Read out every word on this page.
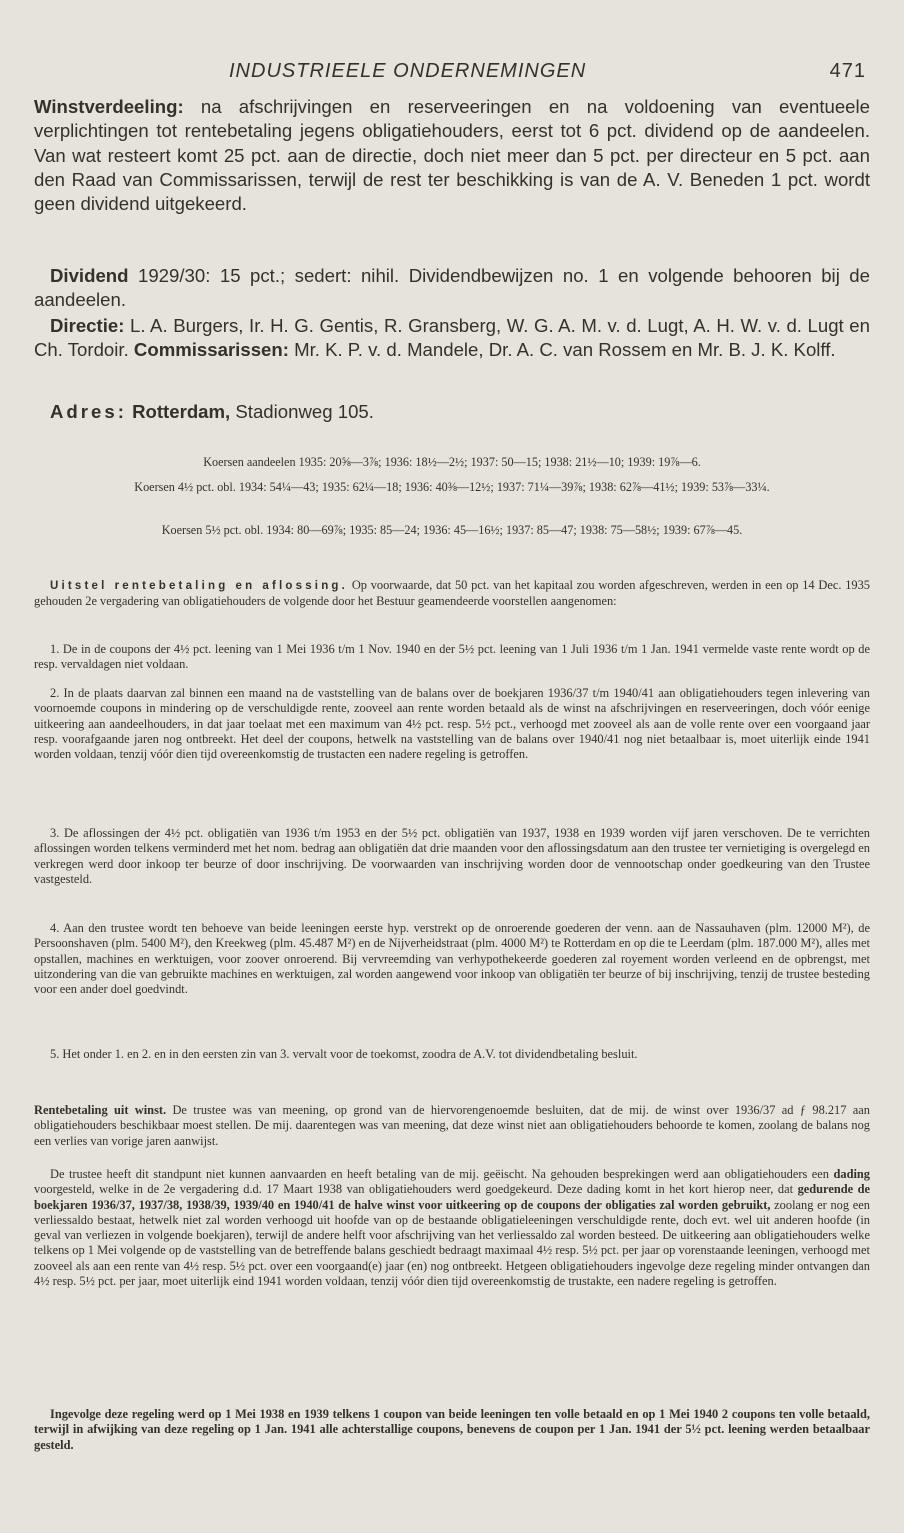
INDUSTRIEELE ONDERNEMINGEN	471

Winstverdeeling: na afschrijvingen en reserveeringen en na voldoening van eventueele verplichtingen tot rentebetaling jegens obligatiehouders, eerst tot 6 pct. dividend op de aandeelen. Van wat resteert komt 25 pct. aan de directie, doch niet meer dan 5 pct. per directeur en 5 pct. aan den Raad van Commissarissen, terwijl de rest ter beschikking is van de A. V. Beneden 1 pct. wordt geen dividend uitgekeerd.

Dividend 1929/30: 15 pct.; sedert: nihil. Dividendbewijzen no. 1 en volgende behooren bij de aandeelen.

Directie: L. A. Burgers, Ir. H. G. Gentis, R. Gransberg, W. G. A. M. v. d. Lugt, A. H. W. v. d. Lugt en Ch. Tordoir. Commissarissen: Mr. K. P. v. d. Mandele, Dr. A. C. van Rossem en Mr. B. J. K. Kolff.

Adres: Rotterdam, Stadionweg 105.

Koersen aandeelen 1935: 20⅝—3⅞; 1936: 18½—2½; 1937: 50—15; 1938: 21½—10; 1939: 19⅞—6.

Koersen 4½ pct. obl. 1934: 54¼—43; 1935: 62¼—18; 1936: 40⅜—12½; 1937: 71¼—39⅞; 1938: 62⅞—41½; 1939: 53⅞—33¼.

Koersen 5½ pct. obl. 1934: 80—69⅞; 1935: 85—24; 1936: 45—16½; 1937: 85—47; 1938: 75—58½; 1939: 67⅞—45.

Uitstel rentebetaling en aflossing. Op voorwaarde, dat 50 pct. van het kapitaal zou worden afgeschreven, werden in een op 14 Dec. 1935 gehouden 2e vergadering van obligatiehouders de volgende door het Bestuur geamendeerde voorstellen aangenomen:

1. De in de coupons der 4½ pct. leening van 1 Mei 1936 t/m 1 Nov. 1940 en der 5½ pct. leening van 1 Juli 1936 t/m 1 Jan. 1941 vermelde vaste rente wordt op de resp. vervaldagen niet voldaan.

2. In de plaats daarvan zal binnen een maand na de vaststelling van de balans over de boekjaren 1936/37 t/m 1940/41 aan obligatiehouders tegen inlevering van voornoemde coupons in mindering op de verschuldigde rente, zooveel aan rente worden betaald als de winst na afschrijvingen en reserveeringen, doch vóór eenige uitkeering aan aandeelhouders, in dat jaar toelaat met een maximum van 4½ pct. resp. 5½ pct., verhoogd met zooveel als aan de volle rente over een voorgaand jaar resp. voorafgaande jaren nog ontbreekt. Het deel der coupons, hetwelk na vaststelling van de balans over 1940/41 nog niet betaalbaar is, moet uiterlijk einde 1941 worden voldaan, tenzij vóór dien tijd overeenkomstig de trustacten een nadere regeling is getroffen.

3. De aflossingen der 4½ pct. obligatiën van 1936 t/m 1953 en der 5½ pct. obligatiën van 1937, 1938 en 1939 worden vijf jaren verschoven. De te verrichten aflossingen worden telkens verminderd met het nom. bedrag aan obligatiën dat drie maanden voor den aflossingsdatum aan den trustee ter vernietiging is overgelegd en verkregen werd door inkoop ter beurze of door inschrijving. De voorwaarden van inschrijving worden door de vennootschap onder goedkeuring van den Trustee vastgesteld.

4. Aan den trustee wordt ten behoeve van beide leeningen eerste hyp. verstrekt op de onroerende goederen der venn. aan de Nassauhaven (plm. 12000 M²), de Persoonshaven (plm. 5400 M²), den Kreekweg (plm. 45.487 M²) en de Nijverheidstraat (plm. 4000 M²) te Rotterdam en op die te Leerdam (plm. 187.000 M²), alles met opstallen, machines en werktuigen, voor zoover onroerend. Bij vervreemding van verhypothekeerde goederen zal royement worden verleend en de opbrengst, met uitzondering van die van gebruikte machines en werktuigen, zal worden aangewend voor inkoop van obligatiën ter beurze of bij inschrijving, tenzij de trustee besteding voor een ander doel goedvindt.

5. Het onder 1. en 2. en in den eersten zin van 3. vervalt voor de toekomst, zoodra de A.V. tot dividendbetaling besluit.

Rentebetaling uit winst. De trustee was van meening, op grond van de hiervorengenoemde besluiten, dat de mij. de winst over 1936/37 ad ƒ 98.217 aan obligatiehouders beschikbaar moest stellen. De mij. daarentegen was van meening, dat deze winst niet aan obligatiehouders behoorde te komen, zoolang de balans nog een verlies van vorige jaren aanwijst.

De trustee heeft dit standpunt niet kunnen aanvaarden en heeft betaling van de mij. geëischt. Na gehouden besprekingen werd aan obligatiehouders een dading voorgesteld, welke in de 2e vergadering d.d. 17 Maart 1938 van obligatiehouders werd goedgekeurd. Deze dading komt in het kort hierop neer, dat gedurende de boekjaren 1936/37, 1937/38, 1938/39, 1939/40 en 1940/41 de halve winst voor uitkeering op de coupons der obligaties zal worden gebruikt, zoolang er nog een verliessaldo bestaat, hetwelk niet zal worden verhoogd uit hoofde van op de bestaande obligatieleeningen verschuldigde rente, doch evt. wel uit anderen hoofde (in geval van verliezen in volgende boekjaren), terwijl de andere helft voor afschrijving van het verliessaldo zal worden besteed. De uitkeering aan obligatiehouders welke telkens op 1 Mei volgende op de vaststelling van de betreffende balans geschiedt bedraagt maximaal 4½ resp. 5½ pct. per jaar op vorenstaande leeningen, verhoogd met zooveel als aan een rente van 4½ resp. 5½ pct. over een voorgaand(e) jaar (en) nog ontbreekt. Hetgeen obligatiehouders ingevolge deze regeling minder ontvangen dan 4½ resp. 5½ pct. per jaar, moet uiterlijk eind 1941 worden voldaan, tenzij vóór dien tijd overeenkomstig de trustakte, een nadere regeling is getroffen.

Ingevolge deze regeling werd op 1 Mei 1938 en 1939 telkens 1 coupon van beide leeningen ten volle betaald en op 1 Mei 1940 2 coupons ten volle betaald, terwijl in afwijking van deze regeling op 1 Jan. 1941 alle achterstallige coupons, benevens de coupon per 1 Jan. 1941 der 5½ pct. leening werden betaalbaar gesteld.
